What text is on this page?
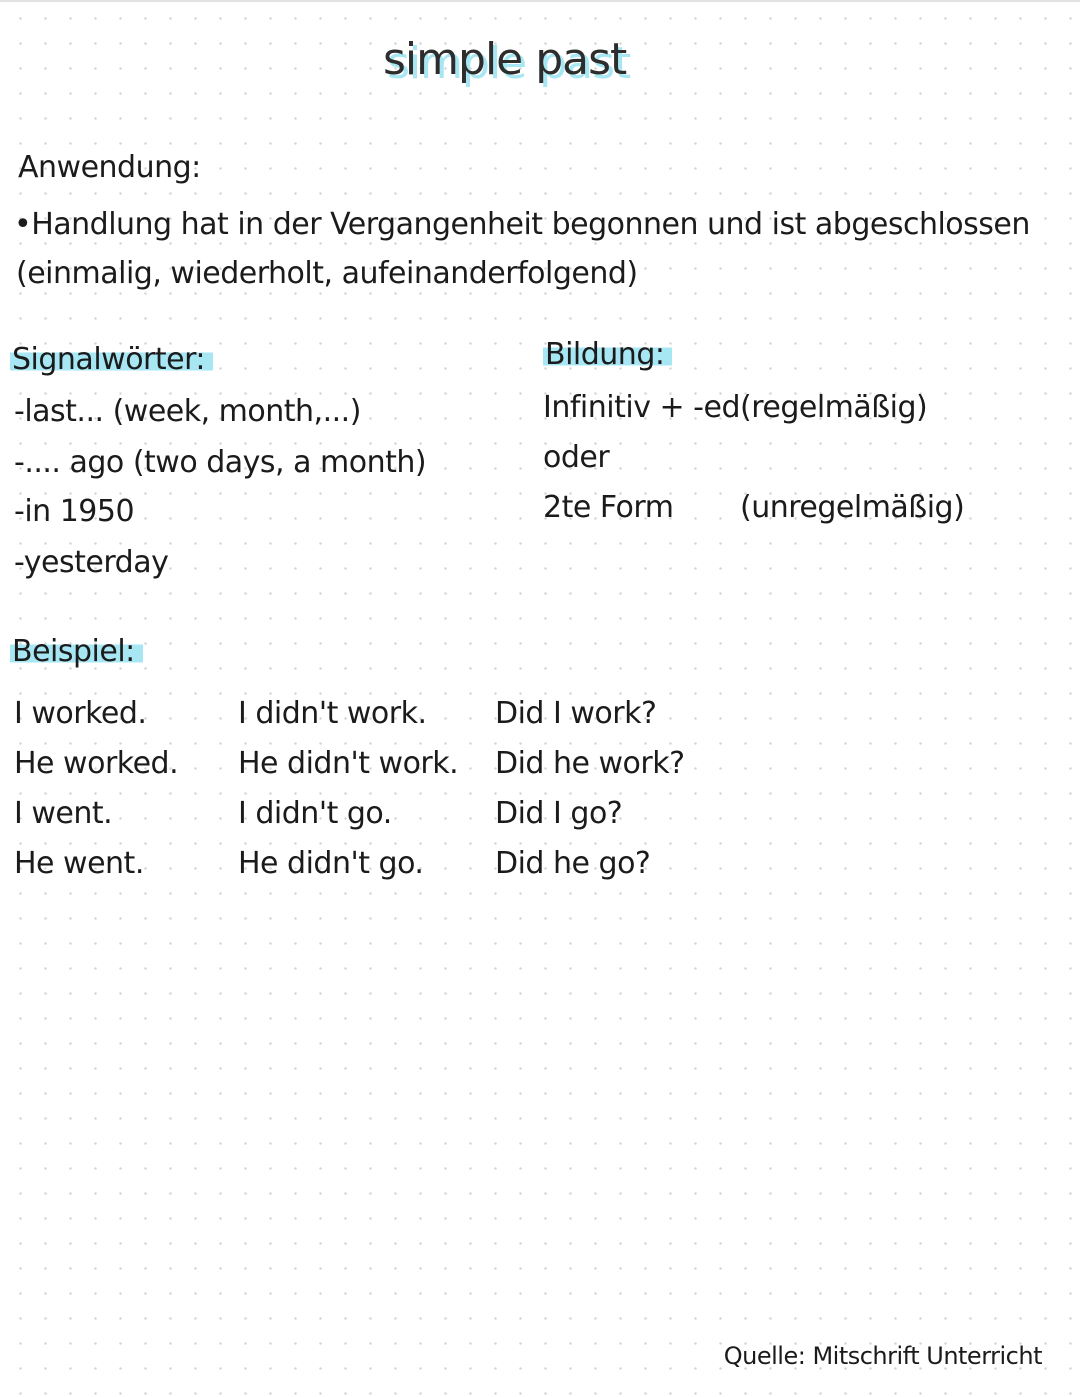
simple past
Anwendung:
•Handlung hat in der Vergangenheit begonnen und ist abgeschlossen
(einmalig, wiederholt, aufeinanderfolgend)
Signalwörter:
-last... (week, month,...)
-.... ago (two days, a month)
-in 1950
-yesterday
Bildung:
Infinitiv + -ed (regelmäßig)
oder
2te Form (unregelmäßig)
Beispiel:
I worked.
He worked.
I went.
He went.
I didn't work.
He didn't work.
I didn't go.
He didn't go.
Did I work?
Did he work?
Did I go?
Did he go?
Quelle: Mitschrift Unterricht
